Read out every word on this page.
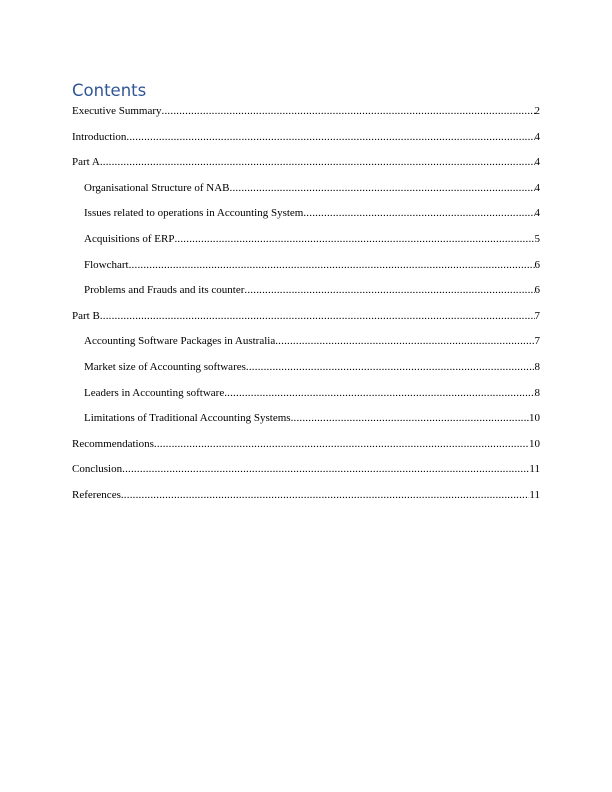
Contents
Executive Summary .....	2
Introduction .....	4
Part A .....	4
Organisational Structure of NAB .....	4
Issues related to operations in Accounting System .....	4
Acquisitions of ERP .....	5
Flowchart .....	6
Problems and Frauds and its counter .....	6
Part B .....	7
Accounting Software Packages in Australia .....	7
Market size of Accounting softwares .....	8
Leaders in Accounting software .....	8
Limitations of Traditional Accounting Systems .....	10
Recommendations .....	10
Conclusion .....	11
References .....	11
